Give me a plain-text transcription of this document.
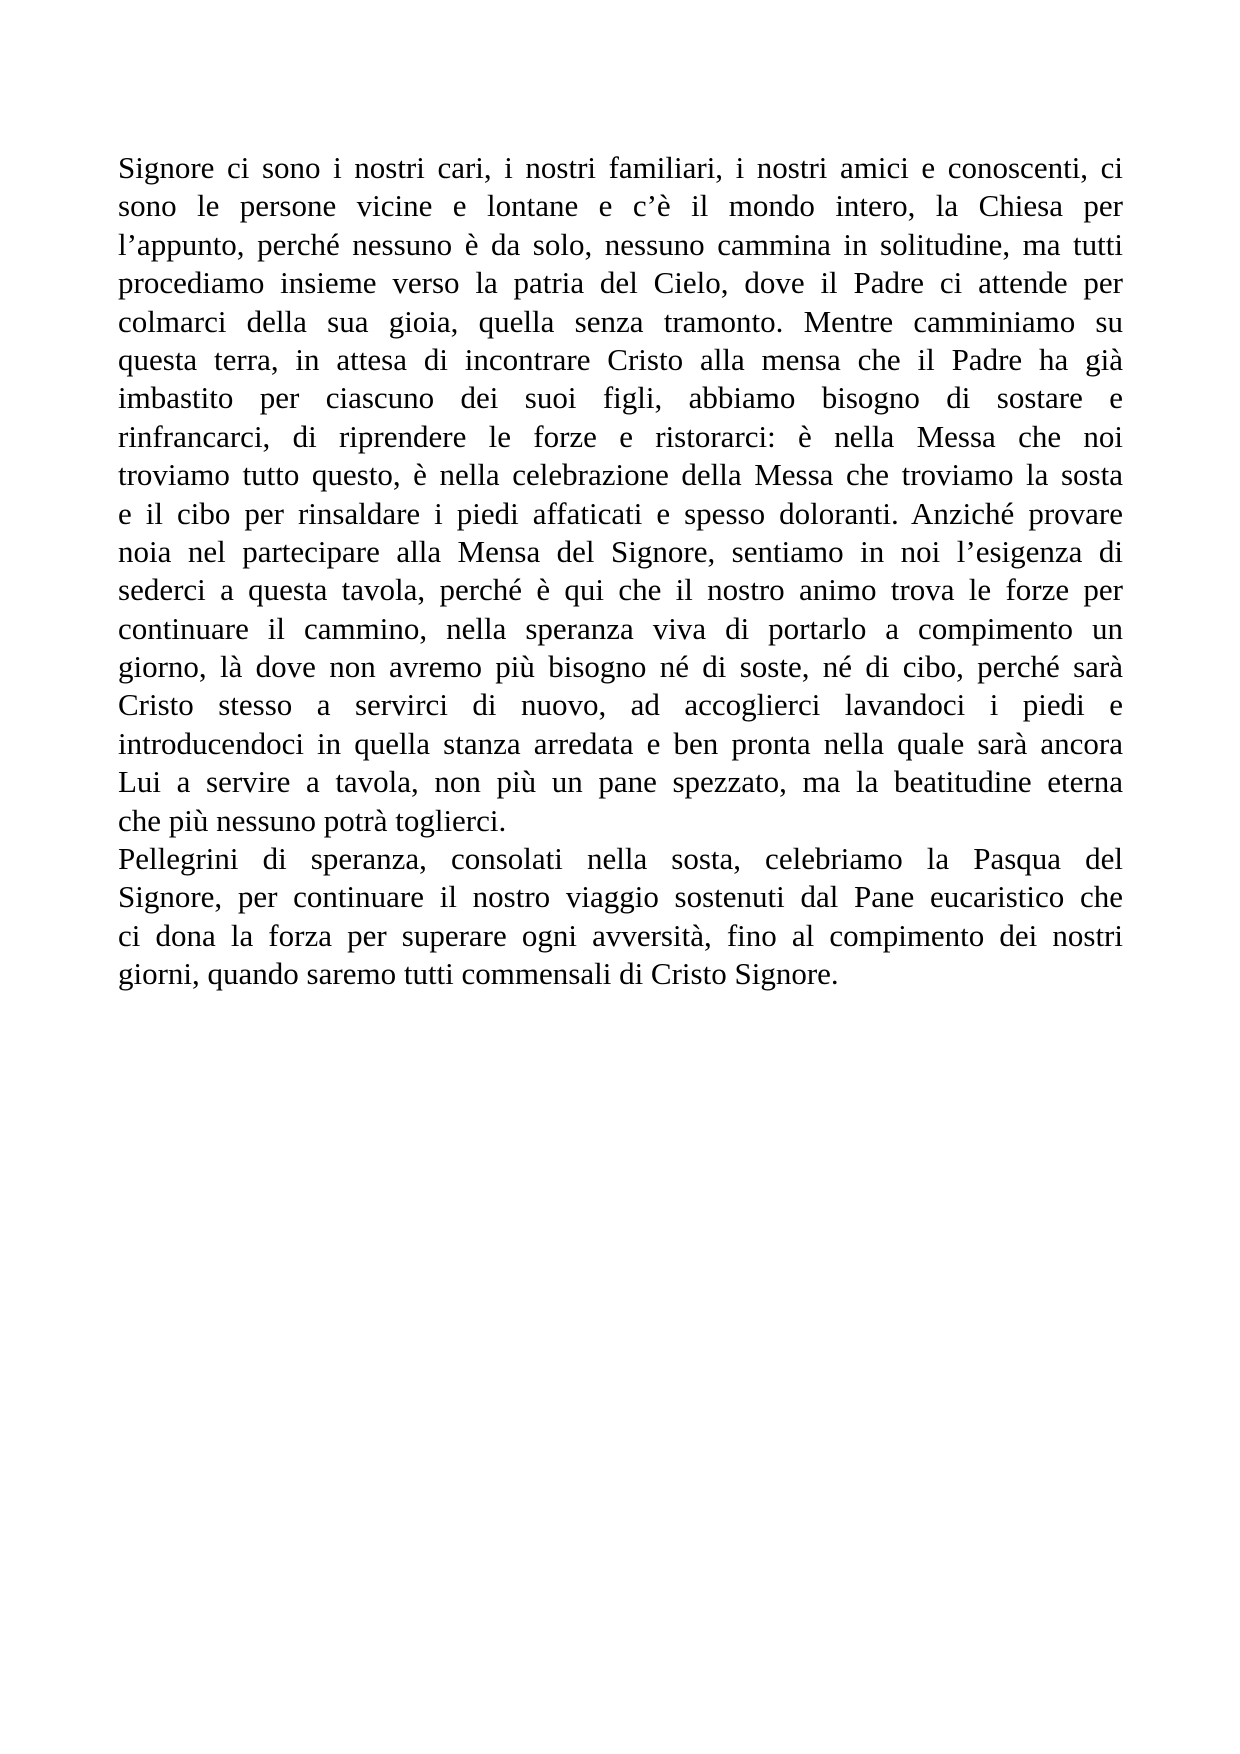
Signore ci sono i nostri cari, i nostri familiari, i nostri amici e conoscenti, ci
sono le persone vicine e lontane e c’è il mondo intero, la Chiesa per
l’appunto, perché nessuno è da solo, nessuno cammina in solitudine, ma tutti
procediamo insieme verso la patria del Cielo, dove il Padre ci attende per
colmarci della sua gioia, quella senza tramonto. Mentre camminiamo su
questa terra, in attesa di incontrare Cristo alla mensa che il Padre ha già
imbastito per ciascuno dei suoi figli, abbiamo bisogno di sostare e
rinfrancarci, di riprendere le forze e ristorarci: è nella Messa che noi
troviamo tutto questo, è nella celebrazione della Messa che troviamo la sosta
e il cibo per rinsaldare i piedi affaticati e spesso doloranti. Anziché provare
noia nel partecipare alla Mensa del Signore, sentiamo in noi l’esigenza di
sederci a questa tavola, perché è qui che il nostro animo trova le forze per
continuare il cammino, nella speranza viva di portarlo a compimento un
giorno, là dove non avremo più bisogno né di soste, né di cibo, perché sarà
Cristo stesso a servirci di nuovo, ad accoglierci lavandoci i piedi e
introducendoci in quella stanza arredata e ben pronta nella quale sarà ancora
Lui a servire a tavola, non più un pane spezzato, ma la beatitudine eterna
che più nessuno potrà toglierci.
Pellegrini di speranza, consolati nella sosta, celebriamo la Pasqua del
Signore, per continuare il nostro viaggio sostenuti dal Pane eucaristico che
ci dona la forza per superare ogni avversità, fino al compimento dei nostri
giorni, quando saremo tutti commensali di Cristo Signore.
